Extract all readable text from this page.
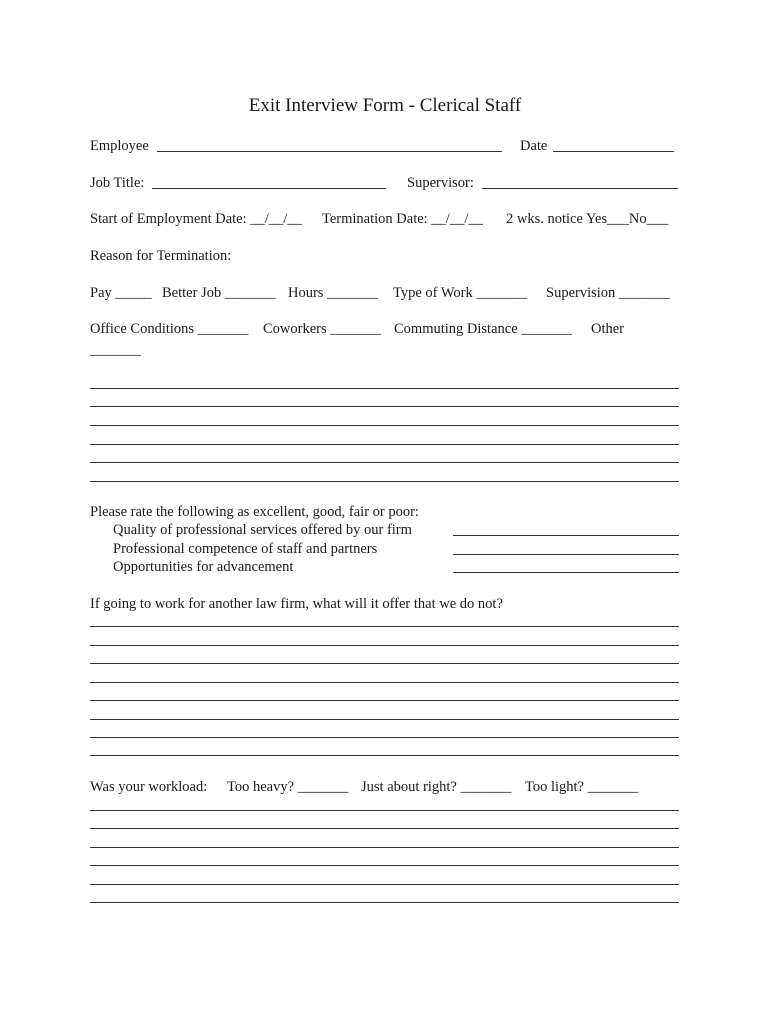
Exit Interview Form - Clerical Staff
Employee	Date
Job Title:	Supervisor:
Start of Employment Date: __/__/__ Termination Date: __/__/__ 2 wks. notice Yes___No___
Reason for Termination:
Pay _____ Better Job _______ Hours _______ Type of Work _______ Supervision _______
Office Conditions _______ Coworkers _______ Commuting Distance _______ Other
_______
Please rate the following as excellent, good, fair or poor:
Quality of professional services offered by our firm
Professional competence of staff and partners
Opportunities for advancement
If going to work for another law firm, what will it offer that we do not?
Was your workload: Too heavy? _______ Just about right? _______ Too light? _______
